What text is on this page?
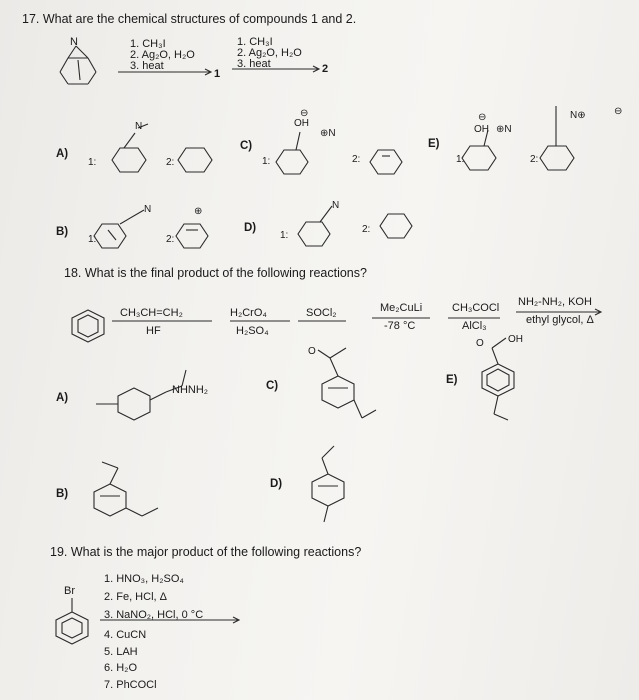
17. What are the chemical structures of compounds 1 and 2.
N	1. CH₃I
2. Ag₂O, H₂O
3. heat
1
1. CH₃I
2. Ag₂O, H₂O
3. heat	2
A)
1:
N
2:
B)
1:
N
2:
⊕
C)
1:
⊖
OH
⊕N
2:
D)
1:
N
2:
E)
1:
⊖
OH ⊕N
2:
N⊕	⊖
18. What is the final product of the following reactions?
CH₃CH=CH₂
HF
H₂CrO₄
H₂SO₄
SOCl₂	Me₂CuLi
-78 °C
CH₃COCl
AlCl₃
NH₂-NH₂, KOH
ethyl glycol, Δ
A)
NHNH₂
B)
C)
O
D)
E)
O OH
19. What is the major product of the following reactions?
Br
1. HNO₃, H₂SO₄
2. Fe, HCl, Δ
3. NaNO₂, HCl, 0 °C
4. CuCN
5. LAH
6. H₂O
7. PhCOCl
